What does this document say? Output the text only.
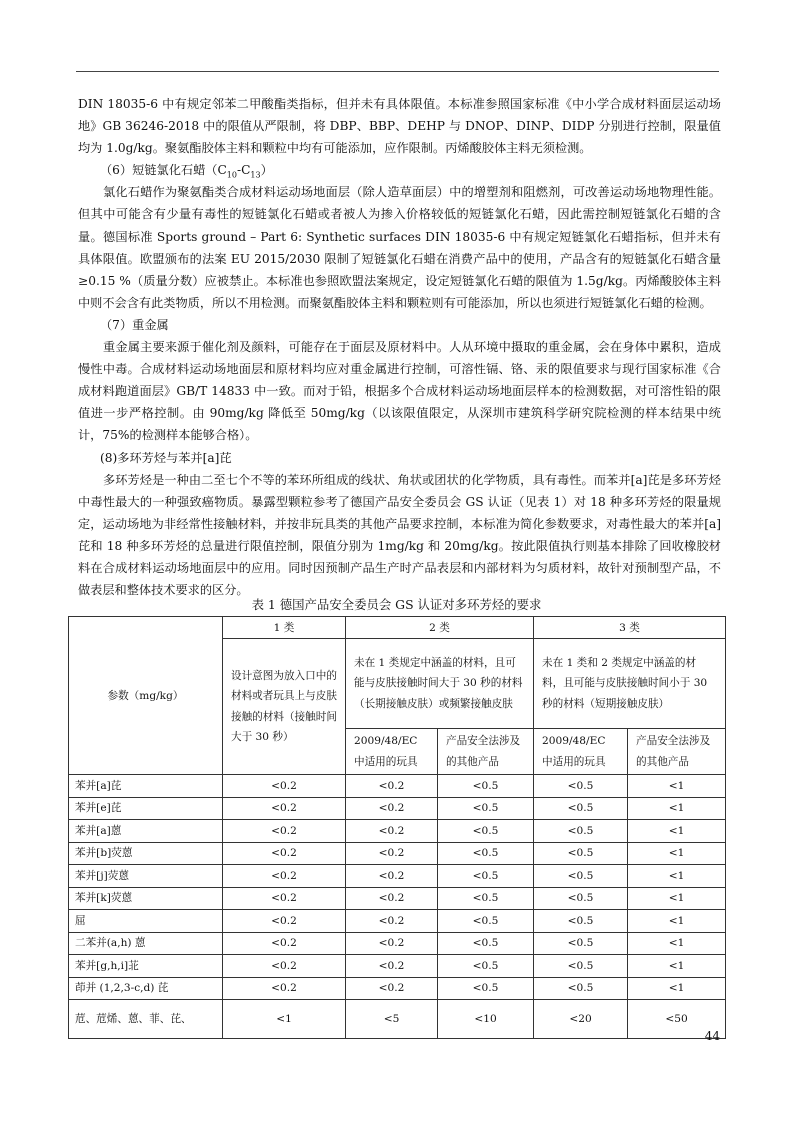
DIN 18035-6 中有规定邻苯二甲酸酯类指标，但并未有具体限值。本标准参照国家标准《中小学合成材料面层运动场地》GB 36246-2018 中的限值从严限制，将 DBP、BBP、DEHP 与 DNOP、DINP、DIDP 分别进行控制，限量值均为 1.0g/kg。聚氨酯胶体主料和颗粒中均有可能添加，应作限制。丙烯酸胶体主料无须检测。

（6）短链氯化石蜡$(C_{10}-C_{13})$

氯化石蜡作为聚氨酯类合成材料运动场地面层（除人造草面层）中的增塑剂和阻燃剂，可改善运动场地物理性能。但其中可能含有少量有毒性的短链氯化石蜡或者被人为掺入价格较低的短链氯化石蜡，因此需控制短链氯化石蜡的含量。德国标准 Sports ground – Part 6: Synthetic surfaces DIN 18035-6 中有规定短链氯化石蜡指标，但并未有具体限值。欧盟颁布的法案 EU 2015/2030 限制了短链氯化石蜡在消费产品中的使用，产品含有的短链氯化石蜡含量≥0.15 %（质量分数）应被禁止。本标准也参照欧盟法案规定，设定短链氯化石蜡的限值为 1.5g/kg。丙烯酸胶体主料中则不会含有此类物质，所以不用检测。而聚氨酯胶体主料和颗粒则有可能添加，所以也须进行短链氯化石蜡的检测。

（7）重金属

重金属主要来源于催化剂及颜料，可能存在于面层及原材料中。人从环境中摄取的重金属，会在身体中累积，造成慢性中毒。合成材料运动场地面层和原材料均应对重金属进行控制，可溶性镉、铬、汞的限值要求与现行国家标准《合成材料跑道面层》GB/T 14833 中一致。而对于铅，根据多个合成材料运动场地面层样本的检测数据，对可溶性铅的限值进一步严格控制。由 90mg/kg 降低至 50mg/kg（以该限值限定，从深圳市建筑科学研究院检测的样本结果中统计，75%的检测样本能够合格）。

(8)多环芳烃与苯并[a]芘

多环芳烃是一种由二至七个不等的苯环所组成的线状、角状或团状的化学物质，具有毒性。而苯并[a]芘是多环芳烃中毒性最大的一种强致癌物质。暴露型颗粒参考了德国产品安全委员会 GS 认证（见表 1）对 18 种多环芳烃的限量规定，运动场地为非经常性接触材料，并按非玩具类的其他产品要求控制，本标准为简化参数要求，对毒性最大的苯并[a]芘和 18 种多环芳烃的总量进行限值控制，限值分别为 1mg/kg 和 20mg/kg。按此限值执行则基本排除了回收橡胶材料在合成材料运动场地面层中的应用。同时因预制产品生产时产品表层和内部材料为匀质材料，故针对预制型产品，不做表层和整体技术要求的区分。

表 1 德国产品安全委员会 GS 认证对多环芳烃的要求
参数（mg/kg）	1 类	2 类		3 类	
	设计意图为放入口中的材料或者玩具上与皮肤接触的材料（接触时间大于 30 秒）	未在 1 类规定中涵盖的材料，且可能与皮肤接触时间大于 30 秒的材料（长期接触皮肤）或频繁接触皮肤		未在 1 类和 2 类规定中涵盖的材料，且可能与皮肤接触时间小于 30 秒的材料（短期接触皮肤）	
		2009/48/EC 中适用的玩具	产品安全法涉及的其他产品	2009/48/EC 中适用的玩具	产品安全法涉及的其他产品
苯并[a]芘	<0.2	<0.2	<0.5	<0.5	<1
苯并[e]芘	<0.2	<0.2	<0.5	<0.5	<1
苯并[a]蒽	<0.2	<0.2	<0.5	<0.5	<1
苯并[b]荧蒽	<0.2	<0.2	<0.5	<0.5	<1
苯并[j]荧蒽	<0.2	<0.2	<0.5	<0.5	<1
苯并[k]荧蒽	<0.2	<0.2	<0.5	<0.5	<1
屈	<0.2	<0.2	<0.5	<0.5	<1
二苯并(a,h) 蒽	<0.2	<0.2	<0.5	<0.5	<1
苯并[g,h,i]苝	<0.2	<0.2	<0.5	<0.5	<1
茚并 (1,2,3-c,d) 芘	<0.2	<0.2	<0.5	<0.5	<1
苊、苊烯、蒽、菲、芘、	<1	<5	<10	<20	<50
44
